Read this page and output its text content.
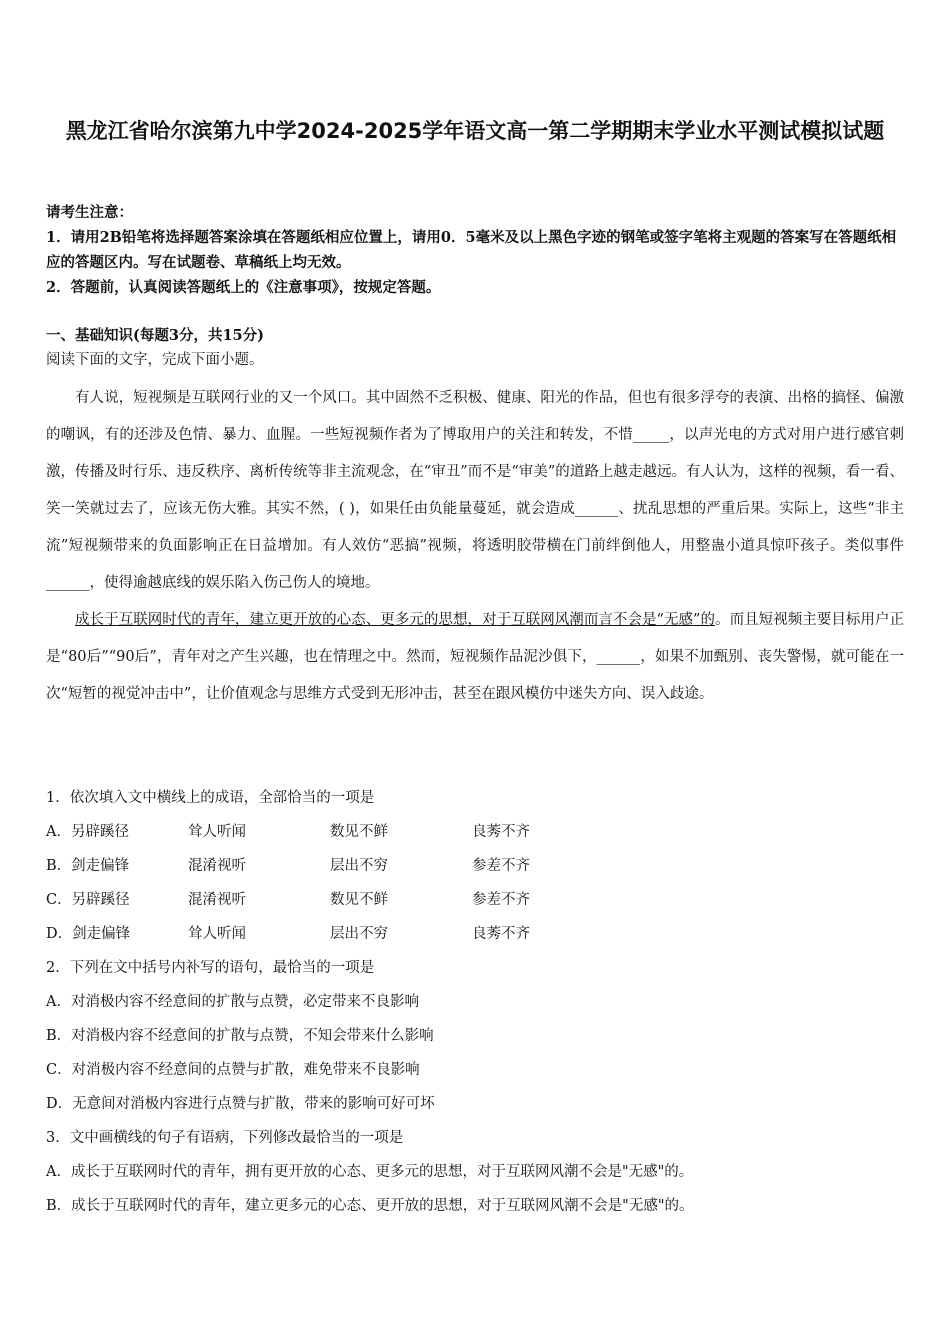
黑龙江省哈尔滨第九中学2024-2025学年语文高一第二学期期末学业水平测试模拟试题

请考生注意：

1．请用2B铅笔将选择题答案涂填在答题纸相应位置上，请用0．5毫米及以上黑色字迹的钢笔或签字笔将主观题的答案写在答题纸相应的答题区内。写在试题卷、草稿纸上均无效。

2．答题前，认真阅读答题纸上的《注意事项》，按规定答题。

一、基础知识(每题3分，共15分)
阅读下面的文字，完成下面小题。

有人说，短视频是互联网行业的又一个风口。其中固然不乏积极、健康、阳光的作品，但也有很多浮夸的表演、出格的搞怪、偏激的嘲讽，有的还涉及色情、暴力、血腥。一些短视频作者为了博取用户的关注和转发，不惜_____，以声光电的方式对用户进行感官刺激，传播及时行乐、违反秩序、离析传统等非主流观念，在“审丑”而不是“审美”的道路上越走越远。有人认为，这样的视频，看一看、笑一笑就过去了，应该无伤大雅。其实不然，( )，如果任由负能量蔓延，就会造成______、扰乱思想的严重后果。实际上，这些“非主流”短视频带来的负面影响正在日益增加。有人效仿“恶搞”视频，将透明胶带横在门前绊倒他人，用整蛊小道具惊吓孩子。类似事件______，使得逾越底线的娱乐陷入伤己伤人的境地。

成长于互联网时代的青年，建立更开放的心态、更多元的思想，对于互联网风潮而言不会是“无感”的。而且短视频主要目标用户正是“80后”“90后”，青年对之产生兴趣，也在情理之中。然而，短视频作品泥沙俱下，______，如果不加甄别、丧失警惕，就可能在一次“短暂的视觉冲击中”，让价值观念与思维方式受到无形冲击，甚至在跟风模仿中迷失方向、误入歧途。

1．依次填入文中横线上的成语，全部恰当的一项是
A．另辟蹊径	耸人听闻	数见不鲜	良莠不齐
B．剑走偏锋	混淆视听	层出不穷	参差不齐
C．另辟蹊径	混淆视听	数见不鲜	参差不齐
D．剑走偏锋	耸人听闻	层出不穷	良莠不齐
2．下列在文中括号内补写的语句，最恰当的一项是
A．对消极内容不经意间的扩散与点赞，必定带来不良影响
B．对消极内容不经意间的扩散与点赞，不知会带来什么影响
C．对消极内容不经意间的点赞与扩散，难免带来不良影响
D．无意间对消极内容进行点赞与扩散，带来的影响可好可坏
3．文中画横线的句子有语病，下列修改最恰当的一项是
A．成长于互联网时代的青年，拥有更开放的心态、更多元的思想，对于互联网风潮不会是"无感"的。
B．成长于互联网时代的青年，建立更多元的心态、更开放的思想，对于互联网风潮不会是"无感"的。
